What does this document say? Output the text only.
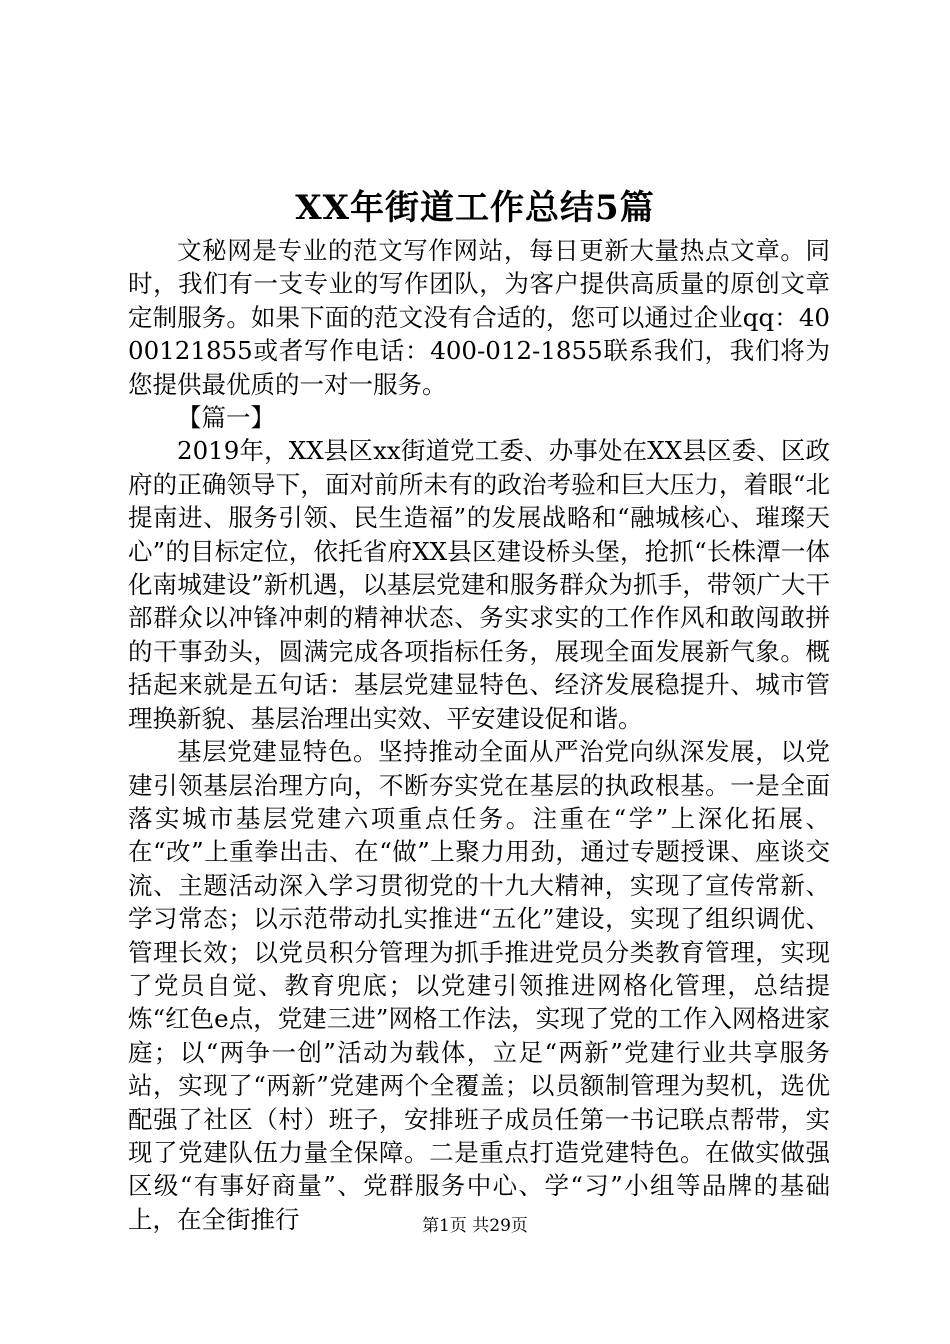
XX年街道工作总结5篇

文秘网是专业的范文写作网站，每日更新大量热点文章。同时，我们有一支专业的写作团队，为客户提供高质量的原创文章定制服务。如果下面的范文没有合适的，您可以通过企业qq：4000121855或者写作电话：400-012-1855联系我们，我们将为您提供最优质的一对一服务。

【篇一】

2019年，XX县区xx街道党工委、办事处在XX县区委、区政府的正确领导下，面对前所未有的政治考验和巨大压力，着眼“北提南进、服务引领、民生造福”的发展战略和“融城核心、璀璨天心”的目标定位，依托省府XX县区建设桥头堡，抢抓“长株潭一体化南城建设”新机遇，以基层党建和服务群众为抓手，带领广大干部群众以冲锋冲刺的精神状态、务实求实的工作作风和敢闯敢拼的干事劲头，圆满完成各项指标任务，展现全面发展新气象。概括起来就是五句话：基层党建显特色、经济发展稳提升、城市管理换新貌、基层治理出实效、平安建设促和谐。

基层党建显特色。坚持推动全面从严治党向纵深发展，以党建引领基层治理方向，不断夯实党在基层的执政根基。一是全面落实城市基层党建六项重点任务。注重在“学”上深化拓展、在“改”上重拳出击、在“做”上聚力用劲，通过专题授课、座谈交流、主题活动深入学习贯彻党的十九大精神，实现了宣传常新、学习常态；以示范带动扎实推进“五化”建设，实现了组织调优、管理长效；以党员积分管理为抓手推进党员分类教育管理，实现了党员自觉、教育兜底；以党建引领推进网格化管理，总结提炼“红色e点，党建三进”网格工作法，实现了党的工作入网格进家庭；以“两争一创”活动为载体，立足“两新”党建行业共享服务站，实现了“两新”党建两个全覆盖；以员额制管理为契机，选优配强了社区（村）班子，安排班子成员任第一书记联点帮带，实现了党建队伍力量全保障。二是重点打造党建特色。在做实做强区级“有事好商量”、党群服务中心、学“习”小组等品牌的基础上，在全街推行	第1页 共29页
